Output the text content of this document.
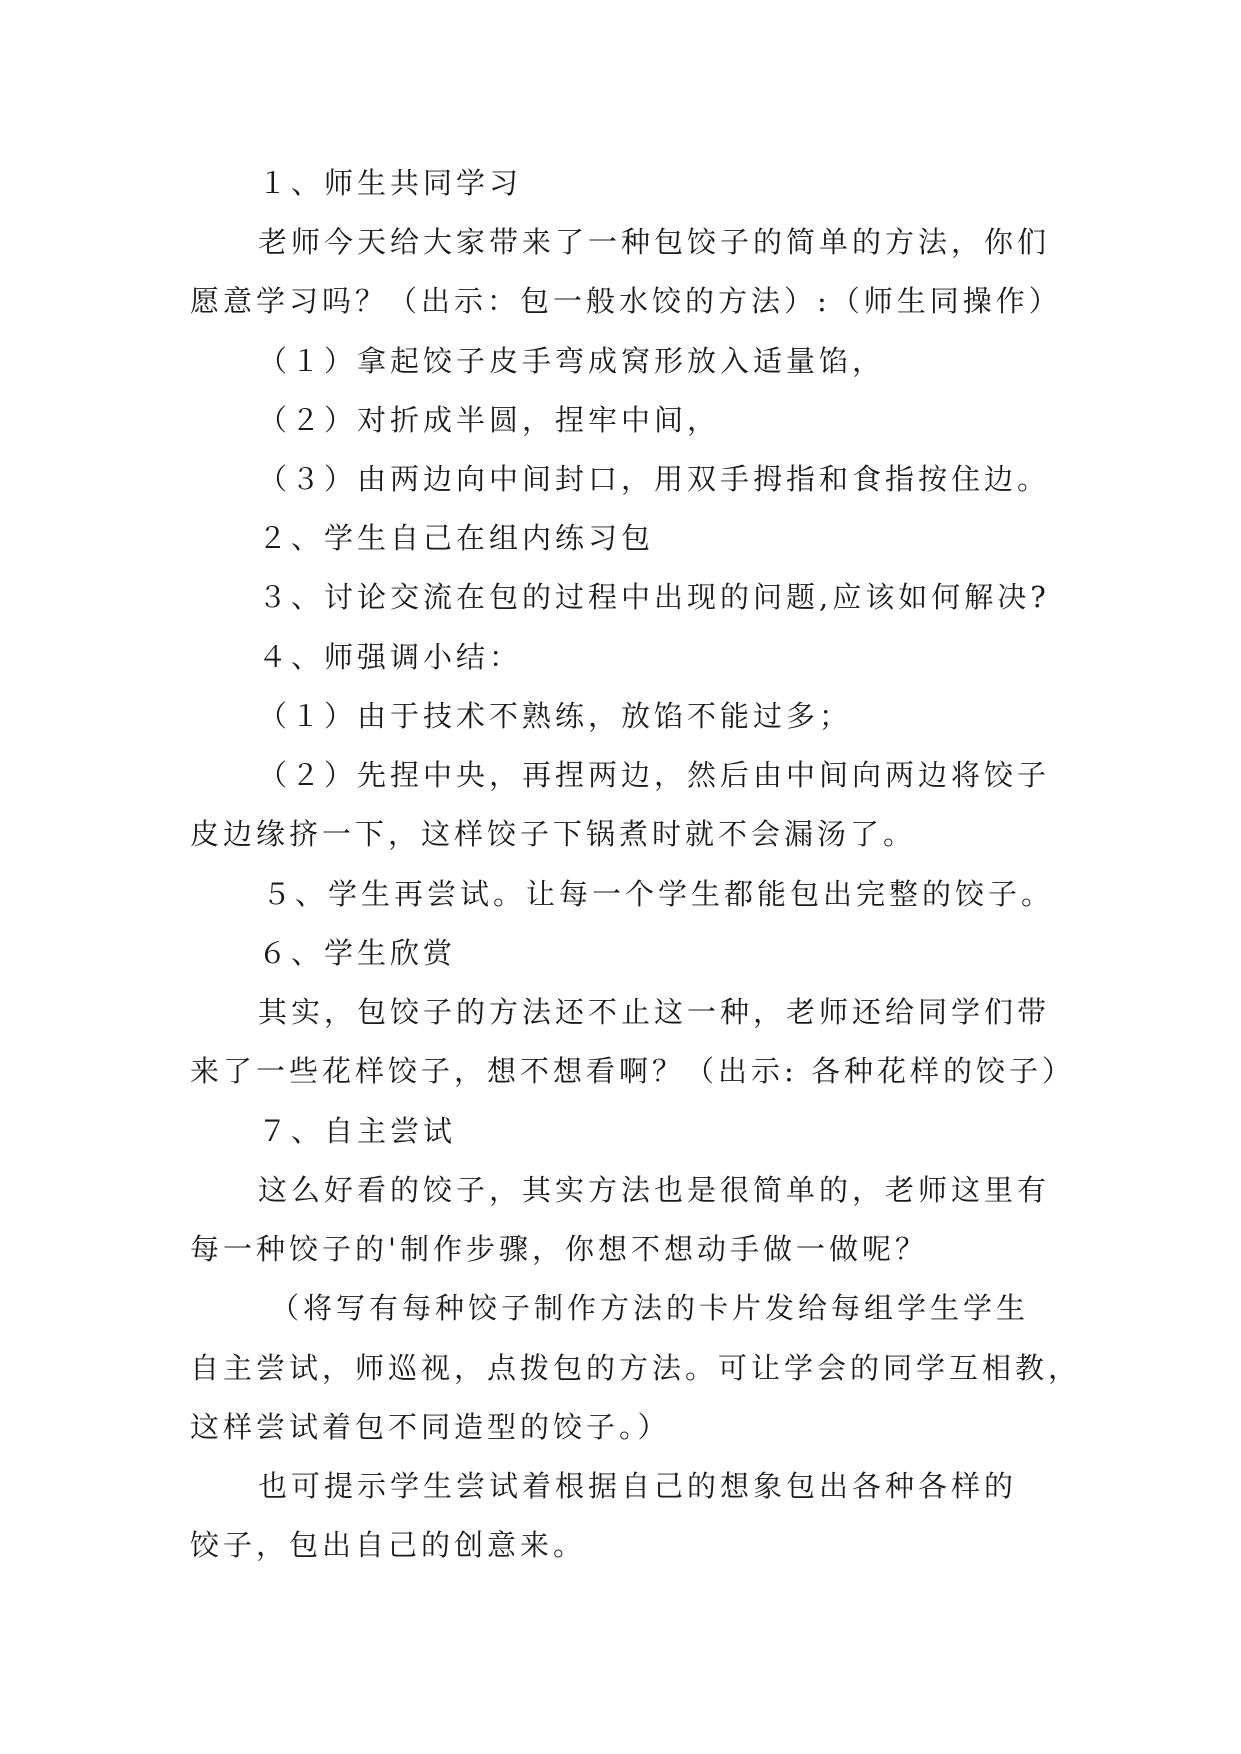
１、师生共同学习
老师今天给大家带来了一种包饺子的简单的方法，你们
愿意学习吗？（出示：包一般水饺的方法）:（师生同操作）
（１）拿起饺子皮手弯成窝形放入适量馅，
（２）对折成半圆，捏牢中间，
（３）由两边向中间封口，用双手拇指和食指按住边。
２、学生自己在组内练习包
３、讨论交流在包的过程中出现的问题,应该如何解决?
４、师强调小结：
（１）由于技术不熟练，放馅不能过多；
（２）先捏中央，再捏两边，然后由中间向两边将饺子
皮边缘挤一下，这样饺子下锅煮时就不会漏汤了。
５、学生再尝试。让每一个学生都能包出完整的饺子。
６、学生欣赏
其实，包饺子的方法还不止这一种，老师还给同学们带
来了一些花样饺子，想不想看啊？（出示: 各种花样的饺子）
７、自主尝试
这么好看的饺子，其实方法也是很简单的，老师这里有
每一种饺子的'制作步骤，你想不想动手做一做呢？
（将写有每种饺子制作方法的卡片发给每组学生学生
自主尝试，师巡视，点拨包的方法。可让学会的同学互相教，
这样尝试着包不同造型的饺子。）
也可提示学生尝试着根据自己的想象包出各种各样的
饺子，包出自己的创意来。
